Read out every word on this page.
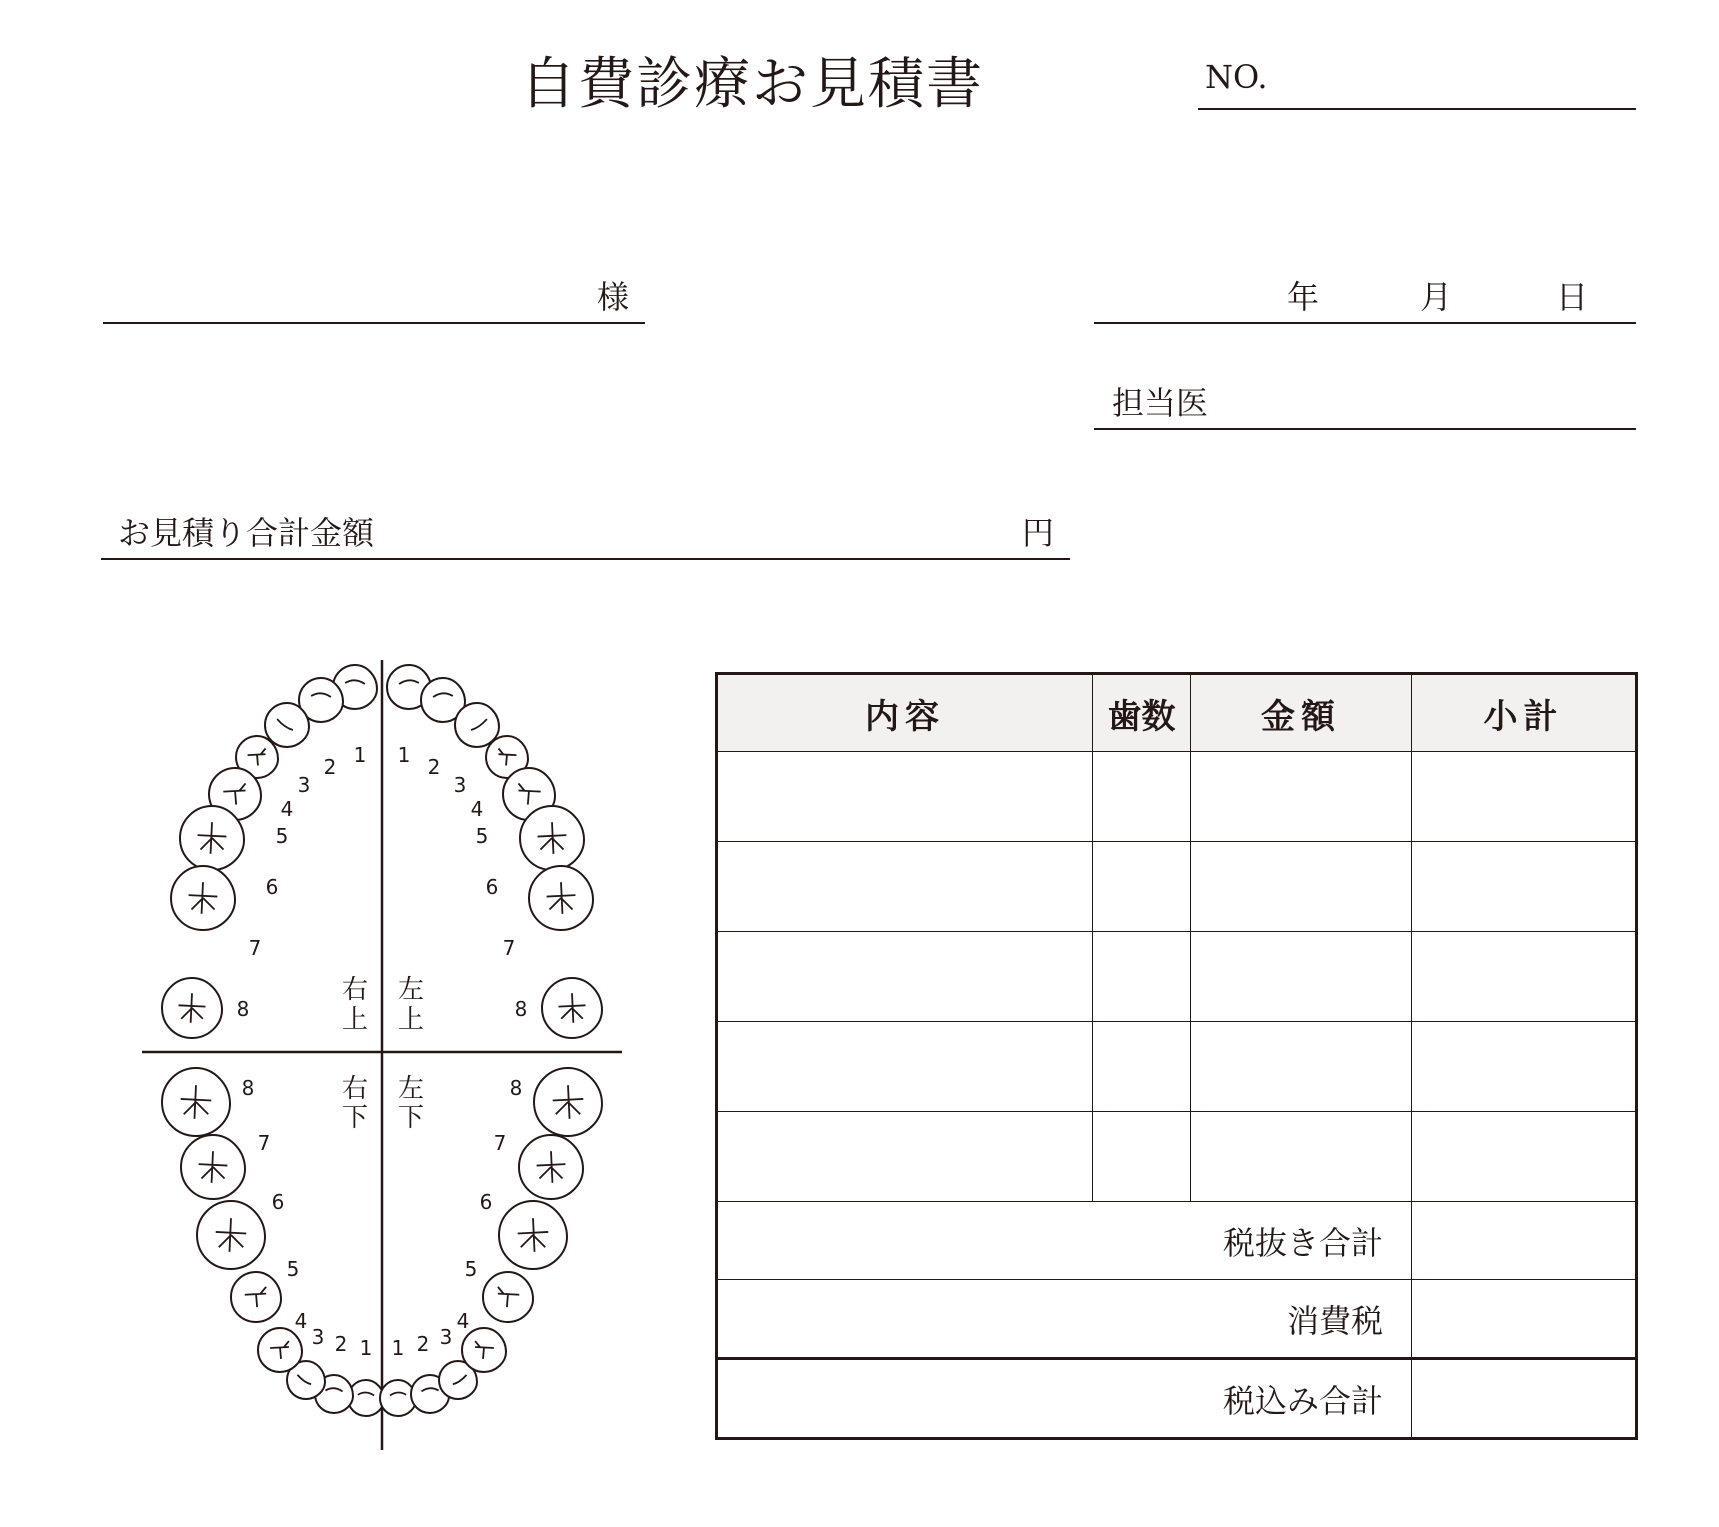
自費診療お見積書	NO.
様	年	月	日
担当医
お見積り合計金額	円
1 1
2	2
3	3
4	4
5	5
6	6
7	7
8	8
1 1
2	2
3	3
4	4
5	5
6	6
7	7
8	8
右
上
左
上
右
下
左
下
内容	歯数	金額	小計

税抜き合計			
消費税			
税込み合計			
